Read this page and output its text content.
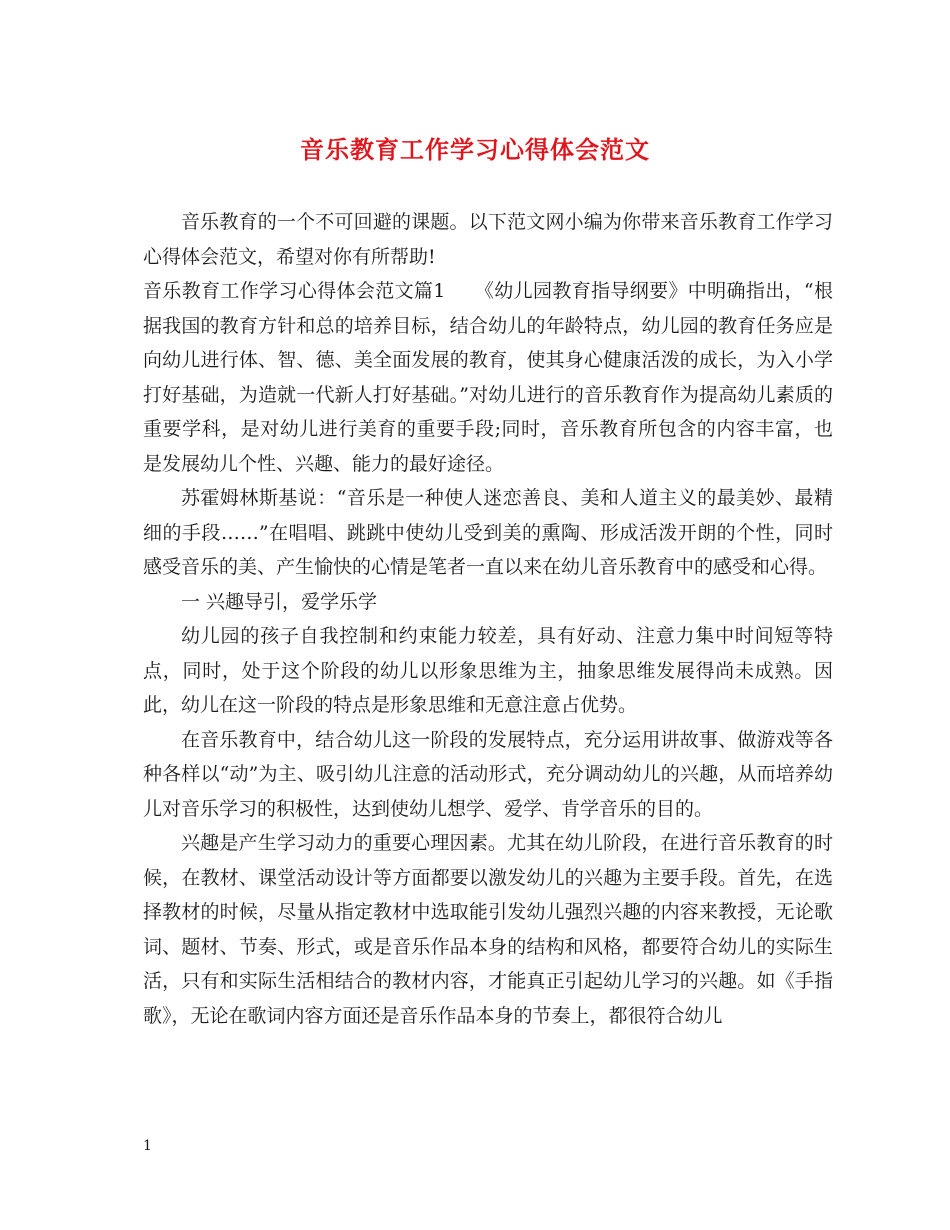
音乐教育工作学习心得体会范文

音乐教育的一个不可回避的课题。以下范文网小编为你带来音乐教育工作学习心得体会范文，希望对你有所帮助!

音乐教育工作学习心得体会范文篇1　　《幼儿园教育指导纲要》中明确指出，“根据我国的教育方针和总的培养目标，结合幼儿的年龄特点，幼儿园的教育任务应是向幼儿进行体、智、德、美全面发展的教育，使其身心健康活泼的成长，为入小学打好基础，为造就一代新人打好基础。”对幼儿进行的音乐教育作为提高幼儿素质的重要学科，是对幼儿进行美育的重要手段;同时，音乐教育所包含的内容丰富，也是发展幼儿个性、兴趣、能力的最好途径。

苏霍姆林斯基说：“音乐是一种使人迷恋善良、美和人道主义的最美妙、最精细的手段……”在唱唱、跳跳中使幼儿受到美的熏陶、形成活泼开朗的个性，同时感受音乐的美、产生愉快的心情是笔者一直以来在幼儿音乐教育中的感受和心得。

一 兴趣导引，爱学乐学

幼儿园的孩子自我控制和约束能力较差，具有好动、注意力集中时间短等特点，同时，处于这个阶段的幼儿以形象思维为主，抽象思维发展得尚未成熟。因此，幼儿在这一阶段的特点是形象思维和无意注意占优势。

在音乐教育中，结合幼儿这一阶段的发展特点，充分运用讲故事、做游戏等各种各样以“动”为主、吸引幼儿注意的活动形式，充分调动幼儿的兴趣，从而培养幼儿对音乐学习的积极性，达到使幼儿想学、爱学、肯学音乐的目的。

兴趣是产生学习动力的重要心理因素。尤其在幼儿阶段，在进行音乐教育的时候，在教材、课堂活动设计等方面都要以激发幼儿的兴趣为主要手段。首先，在选择教材的时候，尽量从指定教材中选取能引发幼儿强烈兴趣的内容来教授，无论歌词、题材、节奏、形式，或是音乐作品本身的结构和风格，都要符合幼儿的实际生活，只有和实际生活相结合的教材内容，才能真正引起幼儿学习的兴趣。如《手指歌》，无论在歌词内容方面还是音乐作品本身的节奏上，都很符合幼儿

1
